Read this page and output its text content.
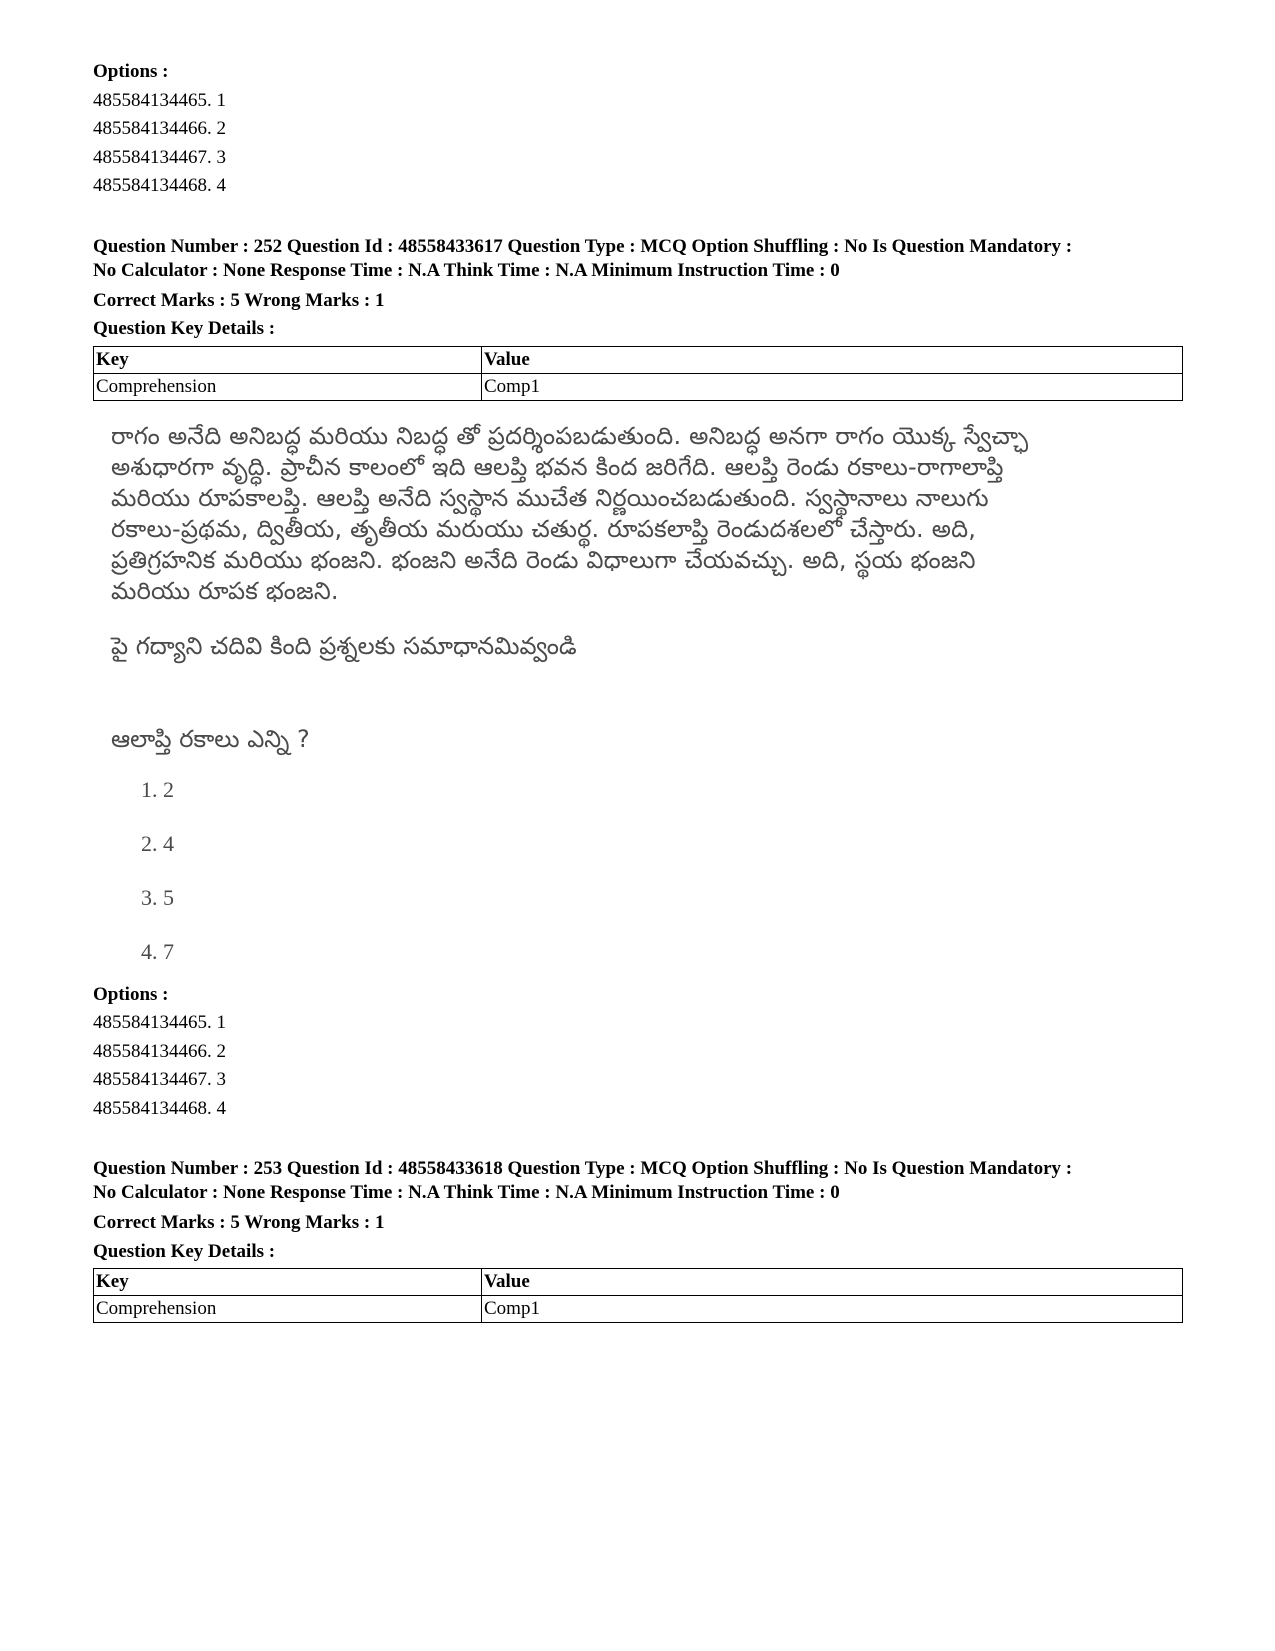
Options :
485584134465. 1
485584134466. 2
485584134467. 3
485584134468. 4
Question Number : 252 Question Id : 48558433617 Question Type : MCQ Option Shuffling : No Is Question Mandatory :
No Calculator : None Response Time : N.A Think Time : N.A Minimum Instruction Time : 0
Correct Marks : 5 Wrong Marks : 1
Question Key Details :
Key	Value
Comprehension	Comp1

రాగం అనేది అనిబద్ధ మరియు నిబద్ధ తో ప్రదర్శింపబడుతుంది. అనిబద్ధ అనగా రాగం యొక్క స్వేచ్ఛా

అశుధారగా వృద్ధి. ప్రాచీన కాలంలో ఇది ఆలప్తి భవన కింద జరిగేది. ఆలప్తి రెండు రకాలు-రాగాలాప్తి

మరియు రూపకాలప్తి. ఆలప్తి అనేది స్వస్థాన ముచేత నిర్ణయించబడుతుంది. స్వస్థానాలు నాలుగు

రకాలు-ప్రథమ, ద్వితీయ, తృతీయ మరుయు చతుర్థ. రూపకలాప్తి రెండుదశలలో చేస్తారు. అది,

ప్రతిగ్రహనిక మరియు భంజని. భంజని అనేది రెండు విధాలుగా చేయవచ్చు. అది, స్థయ భంజని

మరియు రూపక భంజని.

పై గద్యాని చదివి కింది ప్రశ్నలకు సమాధానమివ్వండి
ఆలాప్తి రకాలు ఎన్ని ?
1. 2
2. 4
3. 5
4. 7
Options :
485584134465. 1
485584134466. 2
485584134467. 3
485584134468. 4
Question Number : 253 Question Id : 48558433618 Question Type : MCQ Option Shuffling : No Is Question Mandatory :
No Calculator : None Response Time : N.A Think Time : N.A Minimum Instruction Time : 0
Correct Marks : 5 Wrong Marks : 1
Question Key Details :
Key	Value
Comprehension	Comp1
